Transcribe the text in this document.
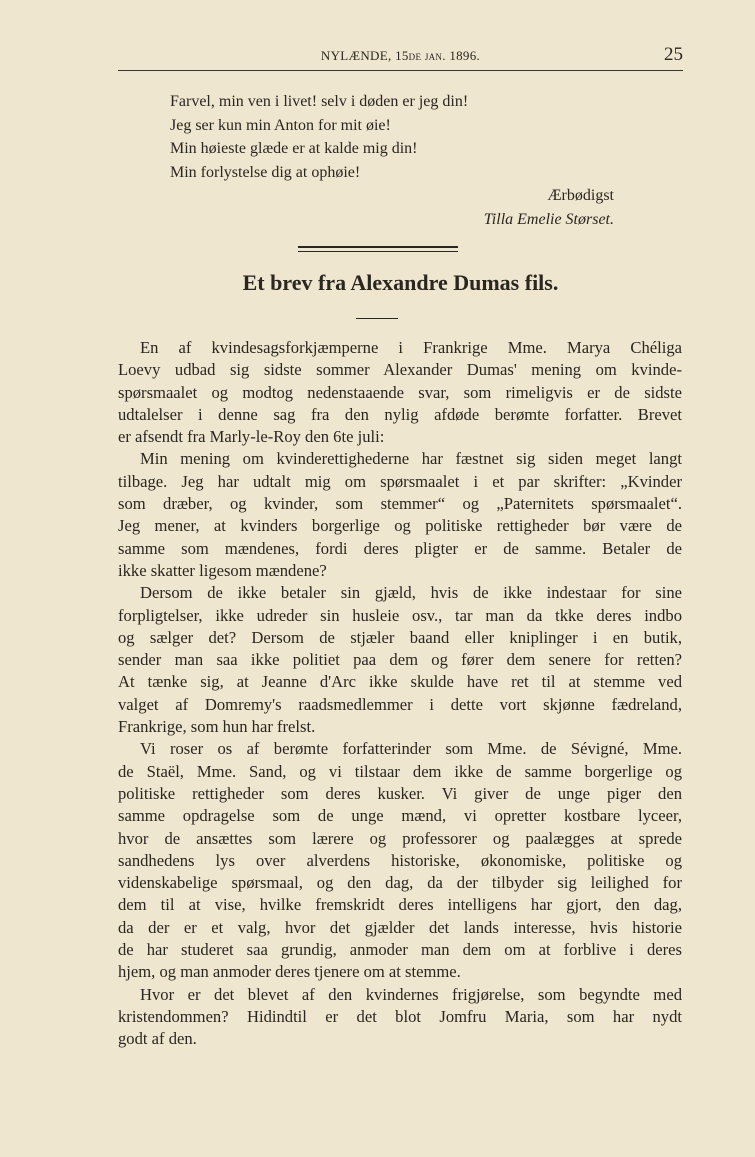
NYLÆNDE, 15de jan. 1896.	25
Farvel, min ven i livet! selv i døden er jeg din!
Jeg ser kun min Anton for mit øie!
Min høieste glæde er at kalde mig din!
Min forlystelse dig at ophøie!
Ærbødigst
Tilla Emelie Størset.
Et brev fra Alexandre Dumas fils.
En af kvindesagsforkjæmperne i Frankrige Mme. Marya Chéliga
Loevy udbad sig sidste sommer Alexander Dumas' mening om kvinde-
spørsmaalet og modtog nedenstaaende svar, som rimeligvis er de sidste
udtalelser i denne sag fra den nylig afdøde berømte forfatter. Brevet
er afsendt fra Marly-le-Roy den 6te juli:
Min mening om kvinderettighederne har fæstnet sig siden meget langt
tilbage. Jeg har udtalt mig om spørsmaalet i et par skrifter: „Kvinder
som dræber, og kvinder, som stemmer“ og „Paternitets spørsmaalet“.
Jeg mener, at kvinders borgerlige og politiske rettigheder bør være de
samme som mændenes, fordi deres pligter er de samme. Betaler de
ikke skatter ligesom mændene?
Dersom de ikke betaler sin gjæld, hvis de ikke indestaar for sine
forpligtelser, ikke udreder sin husleie osv., tar man da tkke deres indbo
og sælger det? Dersom de stjæler baand eller kniplinger i en butik,
sender man saa ikke politiet paa dem og fører dem senere for retten?
At tænke sig, at Jeanne d'Arc ikke skulde have ret til at stemme ved
valget af Domremy's raadsmedlemmer i dette vort skjønne fædreland,
Frankrige, som hun har frelst.
Vi roser os af berømte forfatterinder som Mme. de Sévigné, Mme.
de Staël, Mme. Sand, og vi tilstaar dem ikke de samme borgerlige og
politiske rettigheder som deres kusker. Vi giver de unge piger den
samme opdragelse som de unge mænd, vi opretter kostbare lyceer,
hvor de ansættes som lærere og professorer og paalægges at sprede
sandhedens lys over alverdens historiske, økonomiske, politiske og
videnskabelige spørsmaal, og den dag, da der tilbyder sig leilighed for
dem til at vise, hvilke fremskridt deres intelligens har gjort, den dag,
da der er et valg, hvor det gjælder det lands interesse, hvis historie
de har studeret saa grundig, anmoder man dem om at forblive i deres
hjem, og man anmoder deres tjenere om at stemme.
Hvor er det blevet af den kvindernes frigjørelse, som begyndte med
kristendommen? Hidindtil er det blot Jomfru Maria, som har nydt
godt af den.
